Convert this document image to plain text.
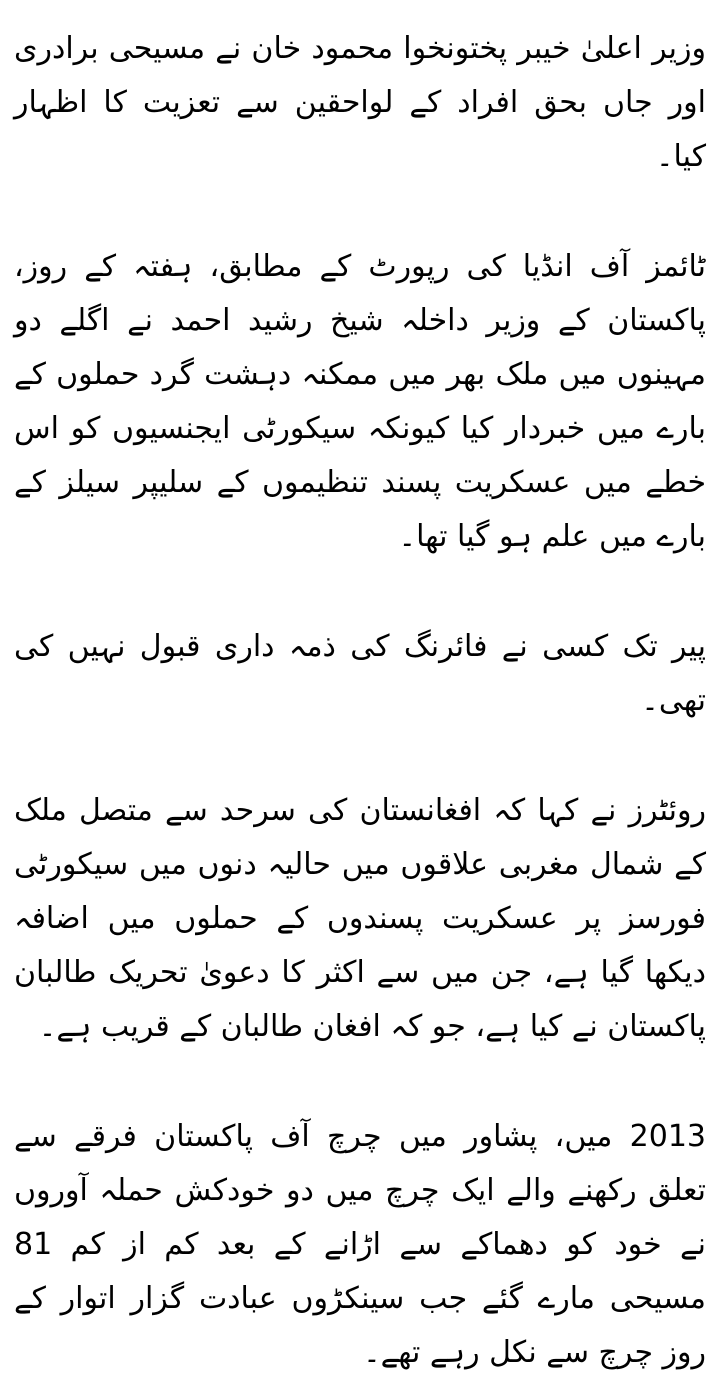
وزیر اعلیٰ خیبر پختونخوا محمود خان نے مسیحی برادری اور جاں بحق افراد کے لواحقین سے تعزیت کا اظہار کیا۔

ٹائمز آف انڈیا کی رپورٹ کے مطابق، ہفتہ کے روز، پاکستان کے وزیر داخلہ شیخ رشید احمد نے اگلے دو مہینوں میں ملک بھر میں ممکنہ دہشت گرد حملوں کے بارے میں خبردار کیا کیونکہ سیکورٹی ایجنسیوں کو اس خطے میں عسکریت پسند تنظیموں کے سلیپر سیلز کے بارے میں علم ہو گیا تھا۔

پیر تک کسی نے فائرنگ کی ذمہ داری قبول نہیں کی تھی۔

روئٹرز نے کہا کہ افغانستان کی سرحد سے متصل ملک کے شمال مغربی علاقوں میں حالیہ دنوں میں سیکورٹی فورسز پر عسکریت پسندوں کے حملوں میں اضافہ دیکھا گیا ہے، جن میں سے اکثر کا دعویٰ تحریک طالبان پاکستان نے کیا ہے، جو کہ افغان طالبان کے قریب ہے۔

2013 میں، پشاور میں چرچ آف پاکستان فرقے سے تعلق رکھنے والے ایک چرچ میں دو خودکش حملہ آوروں نے خود کو دھماکے سے اڑانے کے بعد کم از کم 81 مسیحی مارے گئے جب سینکڑوں عبادت گزار اتوار کے روز چرچ سے نکل رہے تھے۔
